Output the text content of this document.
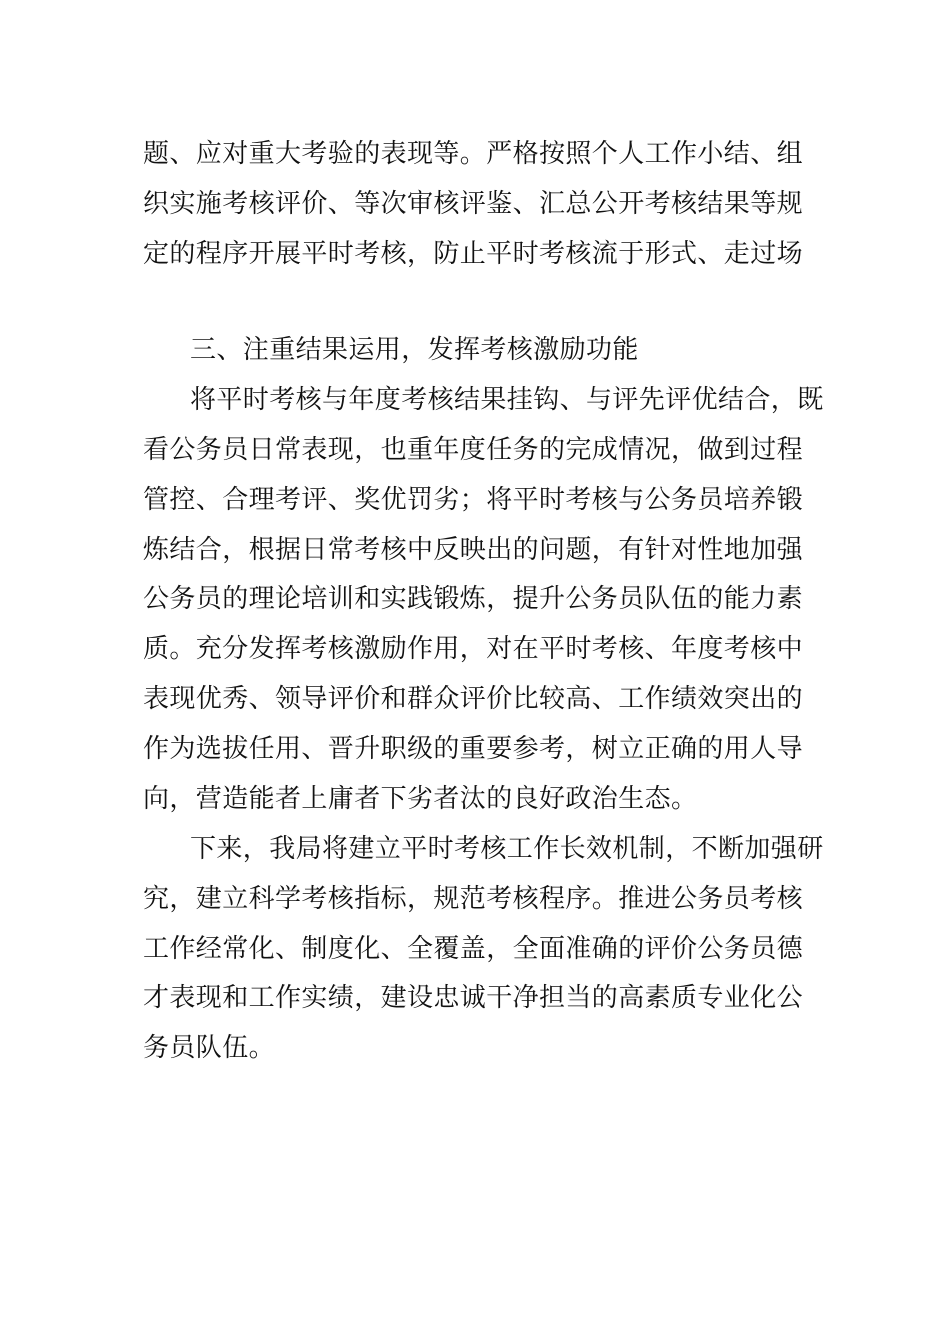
题、应对重大考验的表现等。严格按照个人工作小结、组
织实施考核评价、等次审核评鉴、汇总公开考核结果等规
定的程序开展平时考核，防止平时考核流于形式、走过场
三、注重结果运用，发挥考核激励功能
将平时考核与年度考核结果挂钩、与评先评优结合，既
看公务员日常表现，也重年度任务的完成情况，做到过程
管控、合理考评、奖优罚劣；将平时考核与公务员培养锻
炼结合，根据日常考核中反映出的问题，有针对性地加强
公务员的理论培训和实践锻炼，提升公务员队伍的能力素
质。充分发挥考核激励作用，对在平时考核、年度考核中
表现优秀、领导评价和群众评价比较高、工作绩效突出的
作为选拔任用、晋升职级的重要参考，树立正确的用人导
向，营造能者上庸者下劣者汰的良好政治生态。
下来，我局将建立平时考核工作长效机制，不断加强研
究，建立科学考核指标，规范考核程序。推进公务员考核
工作经常化、制度化、全覆盖，全面准确的评价公务员德
才表现和工作实绩，建设忠诚干净担当的高素质专业化公
务员队伍。
